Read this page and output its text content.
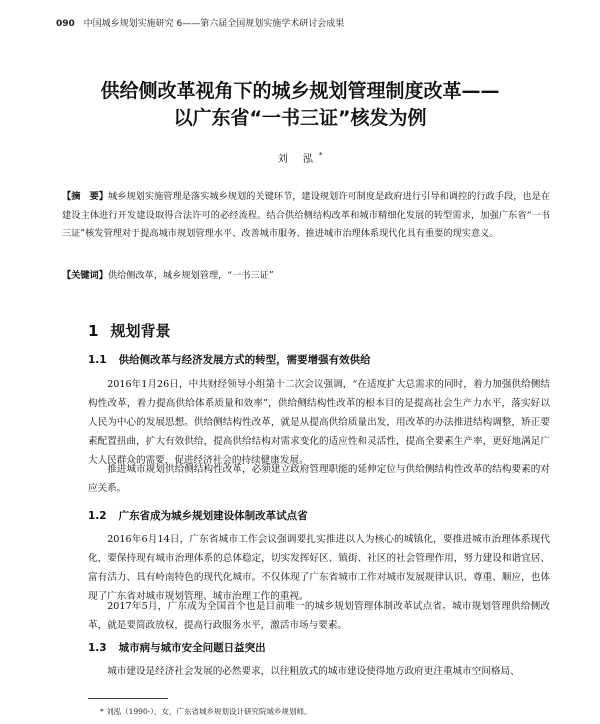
090 中国城乡规划实施研究 6——第六届全国规划实施学术研讨会成果
供给侧改革视角下的城乡规划管理制度改革——
以广东省“一书三证”核发为例
刘 泓*
【摘　要】城乡规划实施管理是落实城乡规划的关键环节，建设规划许可制度是政府进行引导和调控的行政手段，也是在建设主体进行开发建设取得合法许可的必经流程。结合供给侧结构改革和城市精细化发展的转型需求，加强广东省“一书三证”核发管理对于提高城市规划管理水平、改善城市服务、推进城市治理体系现代化具有重要的现实意义。
【关键词】供给侧改革，城乡规划管理，“一书三证”
1 规划背景
1.1 供给侧改革与经济发展方式的转型，需要增强有效供给
2016年1月26日，中共财经领导小组第十二次会议强调，“在适度扩大总需求的同时，着力加强供给侧结构性改革，着力提高供给体系质量和效率”，供给侧结构性改革的根本目的是提高社会生产力水平，落实好以人民为中心的发展思想。供给侧结构性改革，就是从提高供给质量出发，用改革的办法推进结构调整，矫正要素配置扭曲，扩大有效供给，提高供给结构对需求变化的适应性和灵活性，提高全要素生产率，更好地满足广大人民群众的需要，促进经济社会的持续健康发展。
推进城市规划供给侧结构性改革，必须建立政府管理职能的延伸定位与供给侧结构性改革的结构要素的对应关系。
1.2 广东省成为城乡规划建设体制改革试点省
2016年6月14日，广东省城市工作会议强调要扎实推进以人为核心的城镇化，要推进城市治理体系现代化，要保持现有城市治理体系的总体稳定，切实发挥好区、镇街、社区的社会管理作用，努力建设和谐宜居、富有活力、具有岭南特色的现代化城市。不仅体现了广东省城市工作对城市发展规律认识、尊重、顺应，也体现了广东省对城市规划管理、城市治理工作的重视。
2017年5月，广东成为全国首个也是目前唯一的城乡规划管理体制改革试点省。城市规划管理供给侧改革，就是要简政放权，提高行政服务水平，激活市场与要素。
1.3 城市病与城市安全问题日益突出
城市建设是经济社会发展的必然要求，以往粗放式的城市建设使得地方政府更注重城市空间格局、
* 刘泓（1990-），女，广东省城乡规划设计研究院城乡规划师。
